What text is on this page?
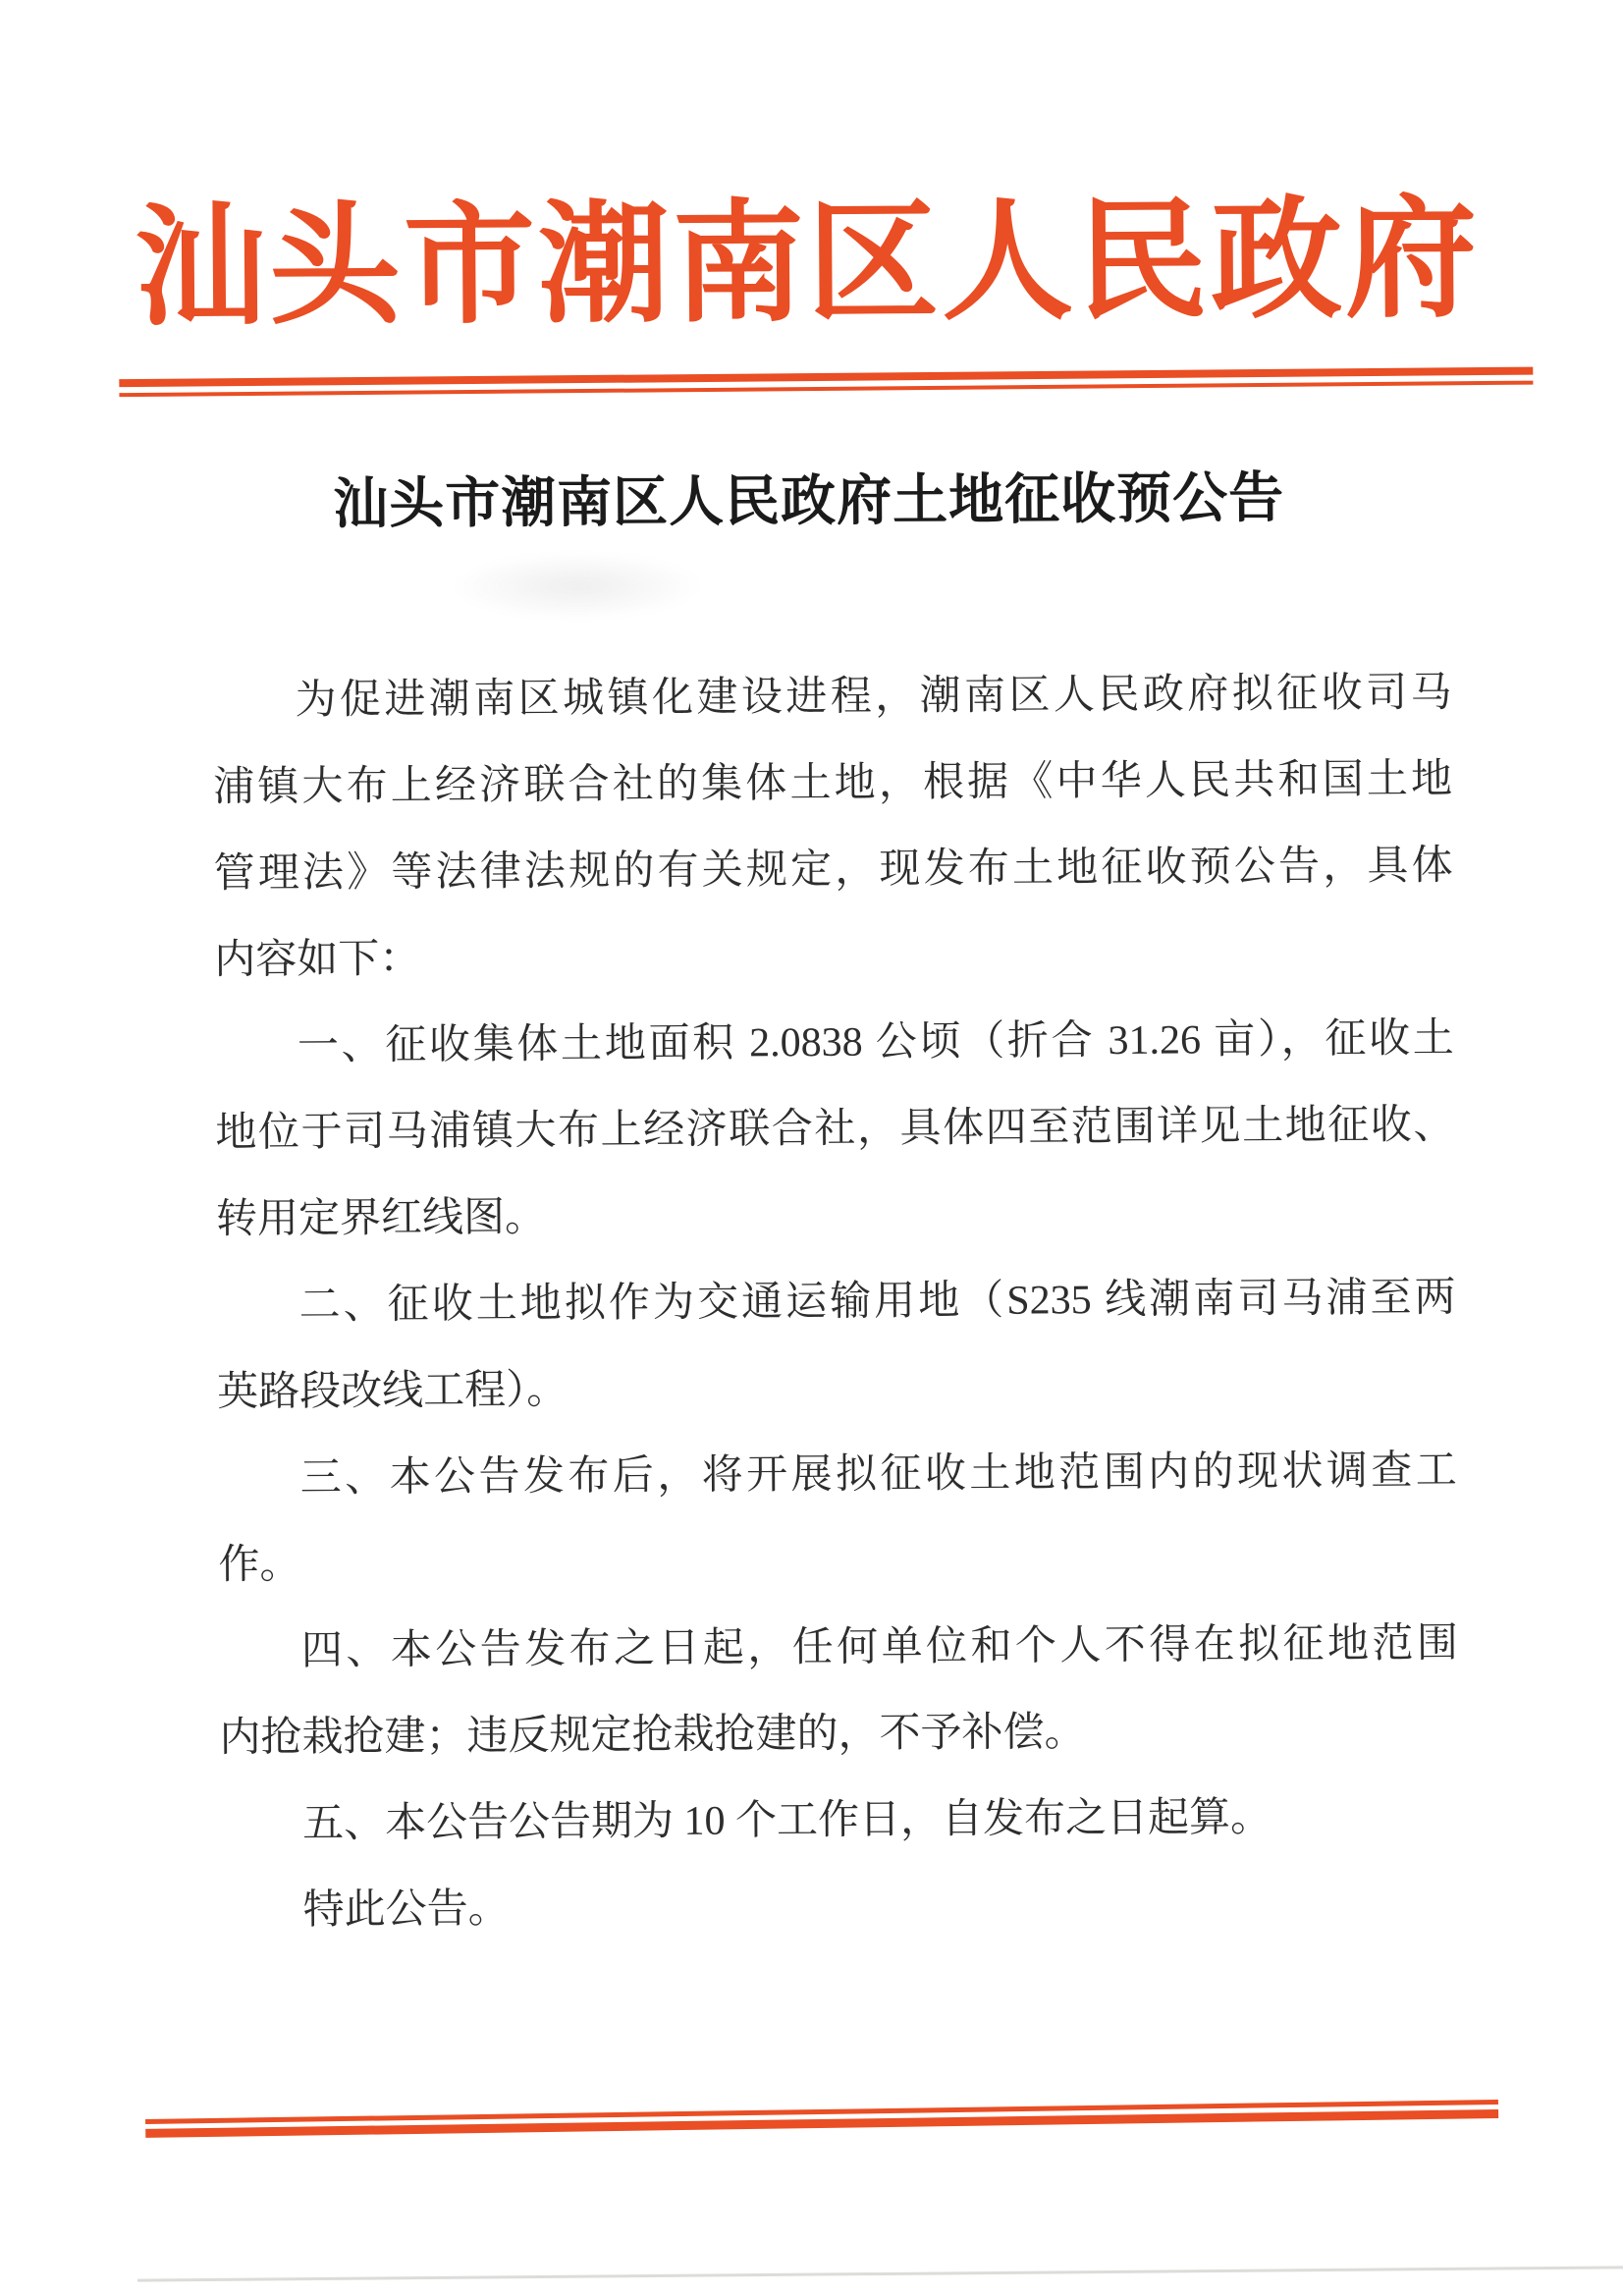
汕头市潮南区人民政府
汕头市潮南区人民政府土地征收预公告
为促进潮南区城镇化建设进程，潮南区人民政府拟征收司马
浦镇大布上经济联合社的集体土地，根据《中华人民共和国土地
管理法》等法律法规的有关规定，现发布土地征收预公告，具体
内容如下：
一、征收集体土地面积 2.0838 公顷（折合 31.26 亩），征收土
地位于司马浦镇大布上经济联合社，具体四至范围详见土地征收、
转用定界红线图。
二、征收土地拟作为交通运输用地（S235 线潮南司马浦至两
英路段改线工程）。
三、本公告发布后，将开展拟征收土地范围内的现状调查工
作。
四、本公告发布之日起，任何单位和个人不得在拟征地范围
内抢栽抢建；违反规定抢栽抢建的，不予补偿。
五、本公告公告期为 10 个工作日，自发布之日起算。
特此公告。
